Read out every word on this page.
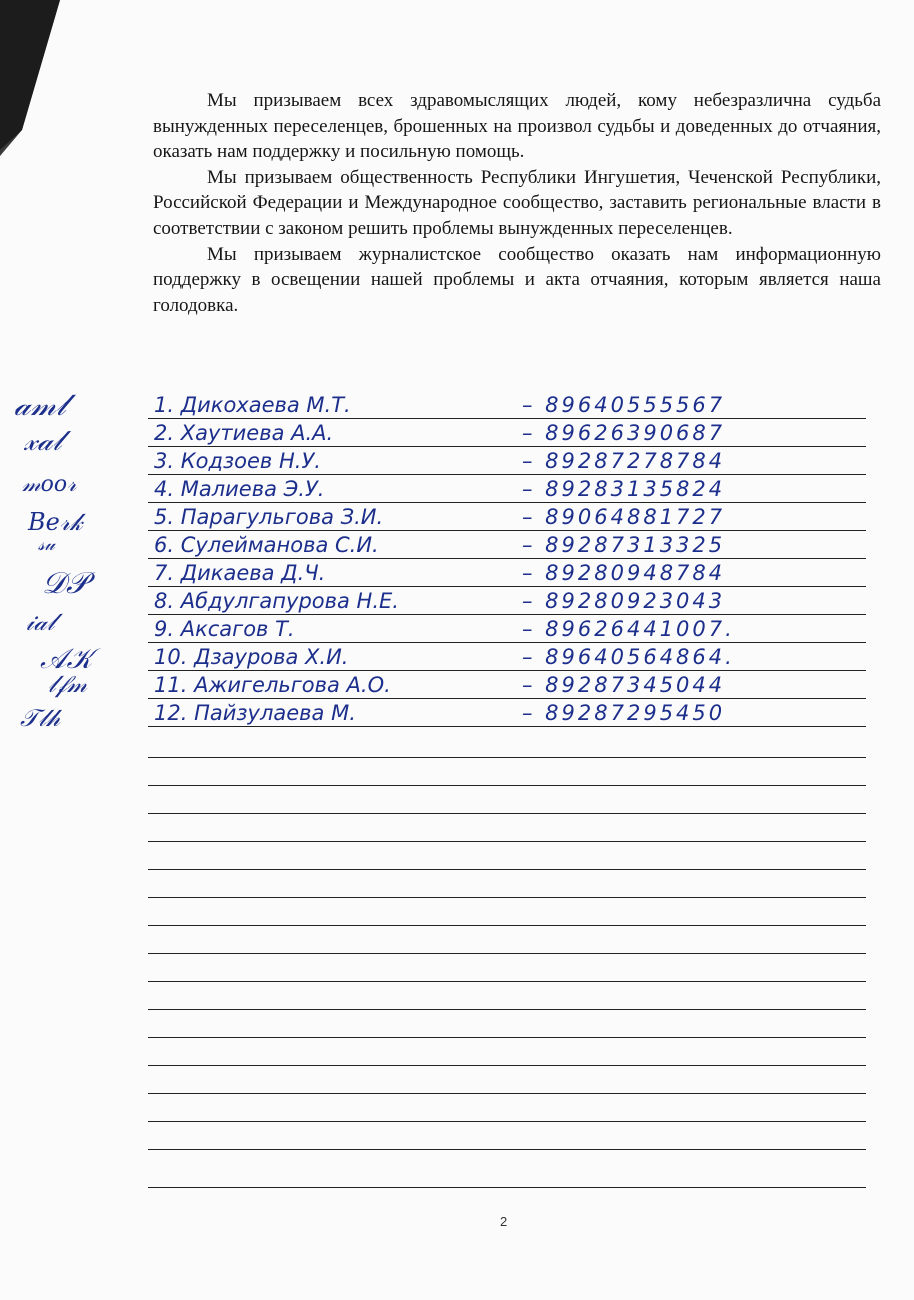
Мы призываем всех здравомыслящих людей, кому небезразлична судьба вынужденных переселенцев, брошенных на произвол судьбы и доведенных до отчаяния, оказать нам поддержку и посильную помощь.

Мы призываем общественность Республики Ингушетия, Чеченской Республики, Российской Федерации и Международное сообщество, заставить региональные власти в соответствии с законом решить проблемы вынужденных переселенцев.

Мы призываем журналистское сообщество оказать нам информационную поддержку в освещении нашей проблемы и акта отчаяния, которым является наша голодовка.

𝒶𝓂𝓁
𝓍𝒶𝓁
𝓂𝑜𝑜𝓇
𝐵𝑒𝓇𝓀
𝓈𝓊
𝒟𝒫
𝒾𝒶𝓁
𝒜𝒦
𝓁𝒻𝓂
𝒯𝓁𝒽
1. Дикохаева М.Т.	– 89640555567
2. Хаутиева А.А.	– 89626390687
3. Кодзоев Н.У.	– 89287278784
4. Малиева Э.У.	– 89283135824
5. Парагульгова З.И.	– 89064881727
6. Сулейманова С.И.	– 89287313325
7. Дикаева Д.Ч.	– 89280948784
8. Абдулгапурова Н.Е.	– 89280923043
9. Аксагов Т.	– 89626441007.
10. Дзаурова Х.И.	– 89640564864.
11. Ажигельгова А.О.	– 89287345044
12. Пайзулаева М.	– 89287295450
2
